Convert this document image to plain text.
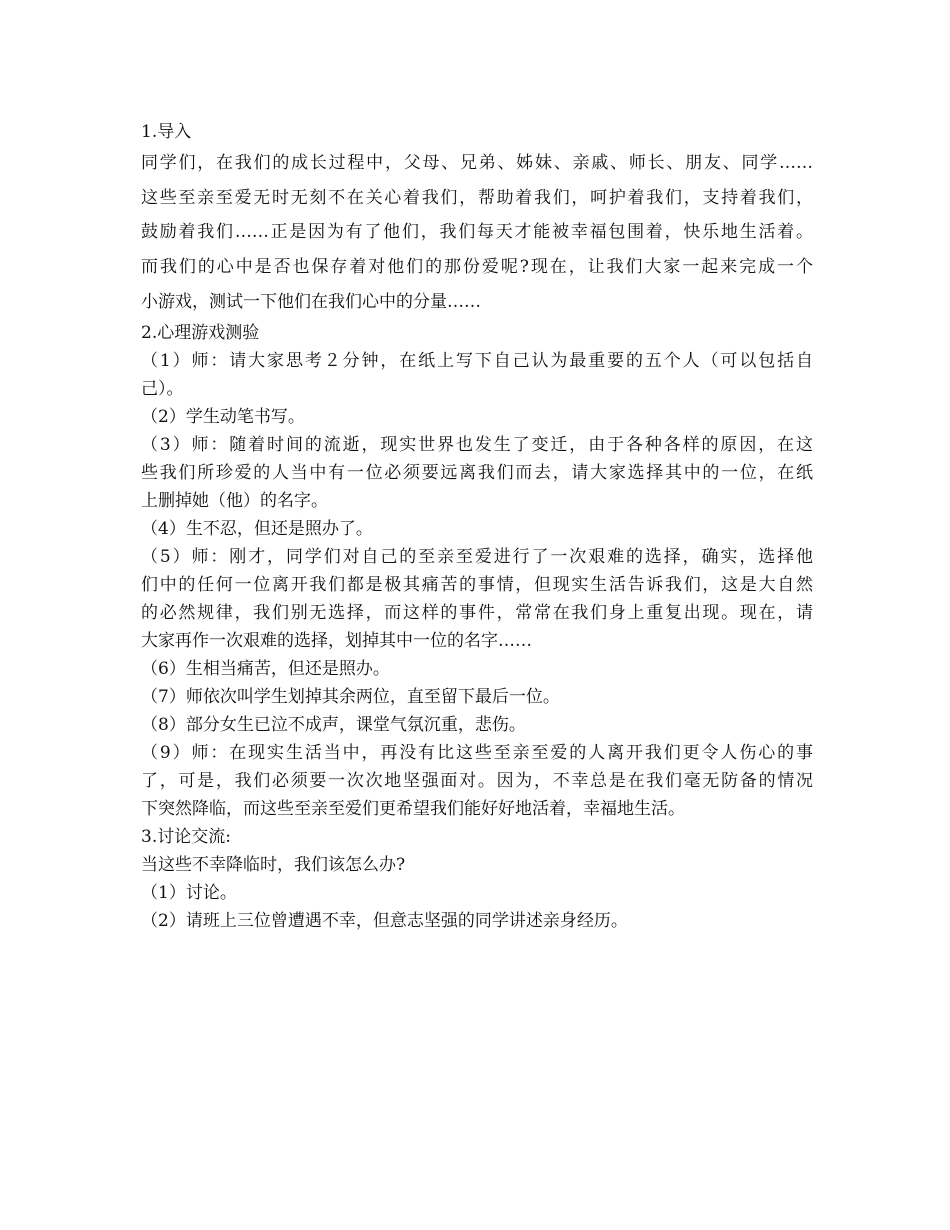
1.导入
同学们，在我们的成长过程中，父母、兄弟、姊妹、亲戚、师长、朋友、同学……
这些至亲至爱无时无刻不在关心着我们，帮助着我们，呵护着我们，支持着我们，
鼓励着我们……正是因为有了他们，我们每天才能被幸福包围着，快乐地生活着。
而我们的心中是否也保存着对他们的那份爱呢?现在，让我们大家一起来完成一个
小游戏，测试一下他们在我们心中的分量……
2.心理游戏测验
（1）师：请大家思考２分钟，在纸上写下自己认为最重要的五个人（可以包括自
己）。
（2）学生动笔书写。
（3）师：随着时间的流逝，现实世界也发生了变迁，由于各种各样的原因，在这
些我们所珍爱的人当中有一位必须要远离我们而去，请大家选择其中的一位，在纸
上删掉她（他）的名字。
（4）生不忍，但还是照办了。
（5）师：刚才，同学们对自己的至亲至爱进行了一次艰难的选择，确实，选择他
们中的任何一位离开我们都是极其痛苦的事情，但现实生活告诉我们，这是大自然
的必然规律，我们别无选择，而这样的事件，常常在我们身上重复出现。现在，请
大家再作一次艰难的选择，划掉其中一位的名字……
（6）生相当痛苦，但还是照办。
（7）师依次叫学生划掉其余两位，直至留下最后一位。
（8）部分女生已泣不成声，课堂气氛沉重，悲伤。
（9）师：在现实生活当中，再没有比这些至亲至爱的人离开我们更令人伤心的事
了，可是，我们必须要一次次地坚强面对。因为，不幸总是在我们毫无防备的情况
下突然降临，而这些至亲至爱们更希望我们能好好地活着，幸福地生活。
3.讨论交流:
当这些不幸降临时，我们该怎么办?
（1）讨论。
（2）请班上三位曾遭遇不幸，但意志坚强的同学讲述亲身经历。
